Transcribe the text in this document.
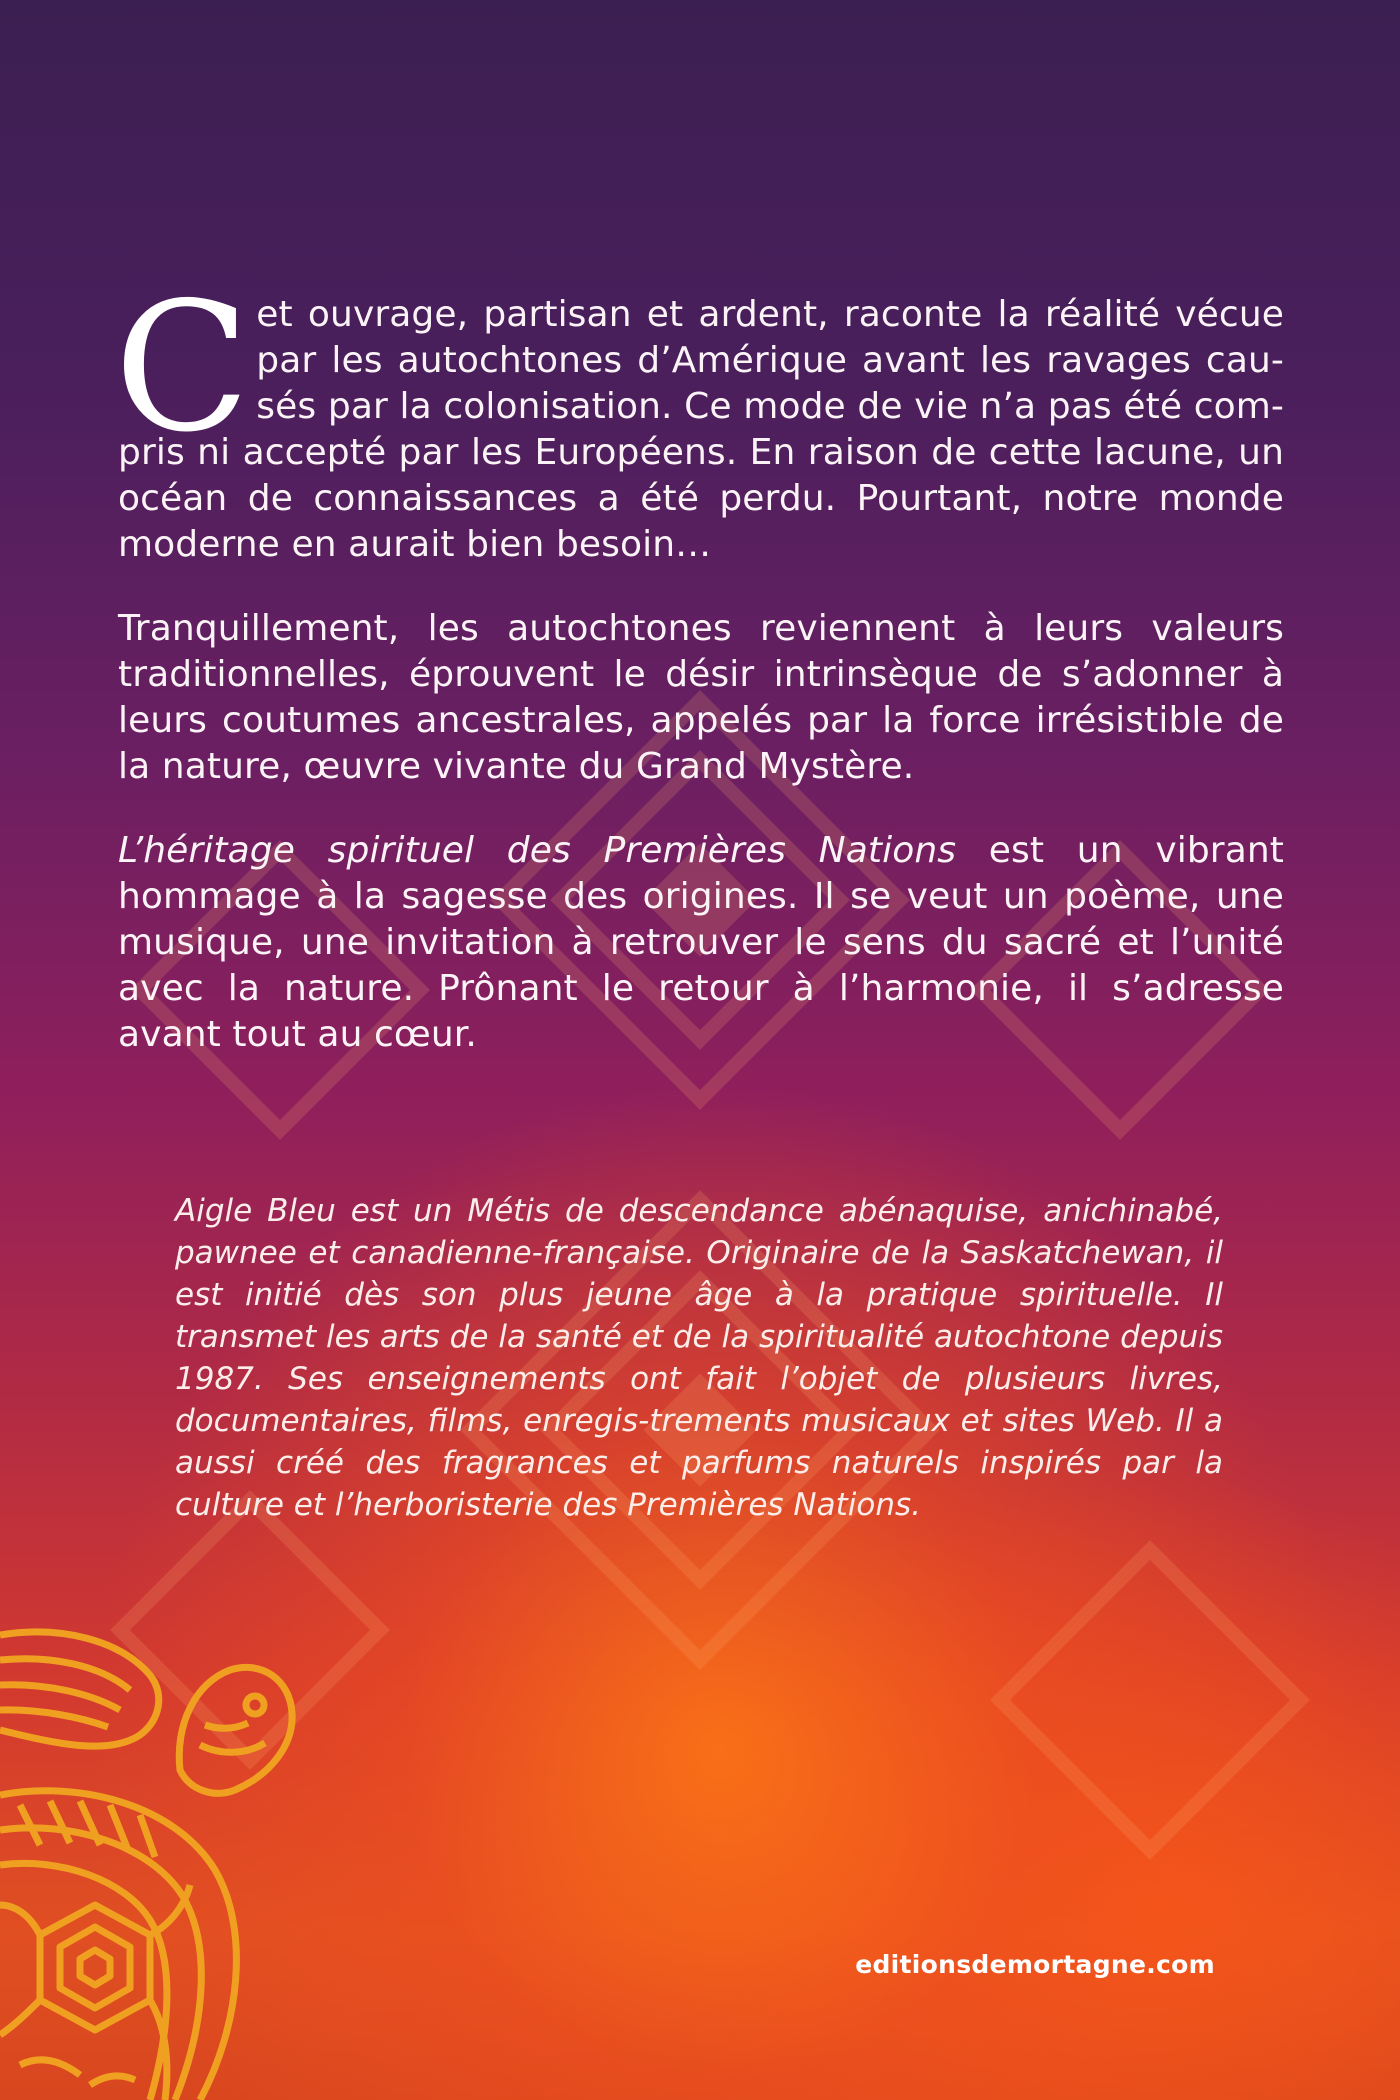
Cet ouvrage, partisan et ardent, raconte la réalité vécue par les autochtones d’Amérique avant les ravages cau-sés par la colonisation. Ce mode de vie n’a pas été com-pris ni accepté par les Européens. En raison de cette lacune, un océan de connaissances a été perdu. Pourtant, notre monde moderne en aurait bien besoin…

Tranquillement, les autochtones reviennent à leurs valeurs traditionnelles, éprouvent le désir intrinsèque de s’adonner à leurs coutumes ancestrales, appelés par la force irrésistible de la nature, œuvre vivante du Grand Mystère.

L’héritage spirituel des Premières Nations est un vibrant hommage à la sagesse des origines. Il se veut un poème, une musique, une invitation à retrouver le sens du sacré et l’unité avec la nature. Prônant le retour à l’harmonie, il s’adresse avant tout au cœur.

Aigle Bleu est un Métis de descendance abénaquise, anichinabé, pawnee et canadienne-française. Originaire de la Saskatchewan, il est initié dès son plus jeune âge à la pratique spirituelle. Il transmet les arts de la santé et de la spiritualité autochtone depuis 1987. Ses enseignements ont fait l’objet de plusieurs livres, documentaires, films, enregis-trements musicaux et sites Web. Il a aussi créé des fragrances et parfums naturels inspirés par la culture et l’herboristerie des Premières Nations.

editionsdemortagne.com
